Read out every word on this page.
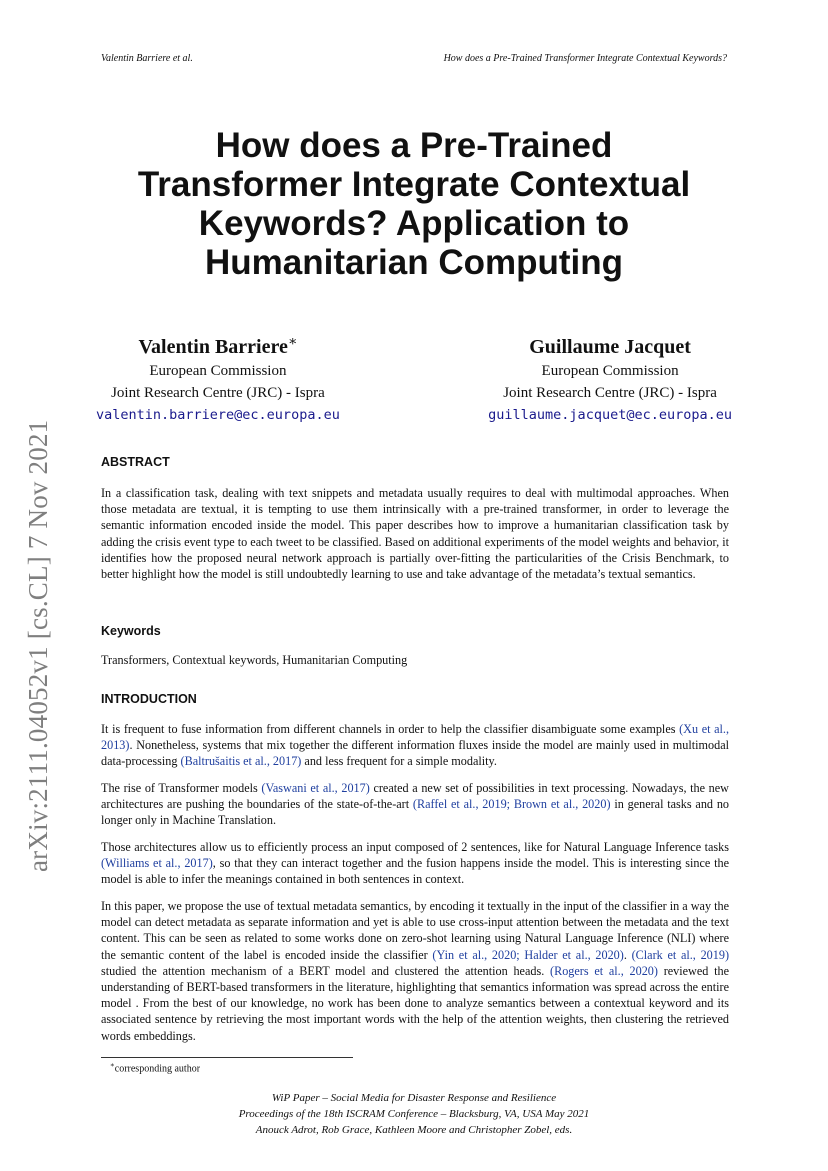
Valentin Barriere et al.	How does a Pre-Trained Transformer Integrate Contextual Keywords?
How does a Pre-Trained
Transformer Integrate Contextual
Keywords? Application to
Humanitarian Computing
Valentin Barriere∗
European Commission
Joint Research Centre (JRC) - Ispra
valentin.barriere@ec.europa.eu
Guillaume Jacquet
European Commission
Joint Research Centre (JRC) - Ispra
guillaume.jacquet@ec.europa.eu
arXiv:2111.04052v1 [cs.CL] 7 Nov 2021	ABSTRACT

In a classification task, dealing with text snippets and metadata usually requires to deal with multimodal approaches. When those metadata are textual, it is tempting to use them intrinsically with a pre-trained transformer, in order to leverage the semantic information encoded inside the model. This paper describes how to improve a humanitarian classification task by adding the crisis event type to each tweet to be classified. Based on additional experiments of the model weights and behavior, it identifies how the proposed neural network approach is partially over-fitting the particularities of the Crisis Benchmark, to better highlight how the model is still undoubtedly learning to use and take advantage of the metadata’s textual semantics.

Keywords

Transformers, Contextual keywords, Humanitarian Computing

INTRODUCTION

It is frequent to fuse information from different channels in order to help the classifier disambiguate some examples (Xu et al., 2013). Nonetheless, systems that mix together the different information fluxes inside the model are mainly used in multimodal data-processing (Baltrušaitis et al., 2017) and less frequent for a simple modality.

The rise of Transformer models (Vaswani et al., 2017) created a new set of possibilities in text processing. Nowadays, the new architectures are pushing the boundaries of the state-of-the-art (Raffel et al., 2019; Brown et al., 2020) in general tasks and no longer only in Machine Translation.

Those architectures allow us to efficiently process an input composed of 2 sentences, like for Natural Language Inference tasks (Williams et al., 2017), so that they can interact together and the fusion happens inside the model. This is interesting since the model is able to infer the meanings contained in both sentences in context.

In this paper, we propose the use of textual metadata semantics, by encoding it textually in the input of the classifier in a way the model can detect metadata as separate information and yet is able to use cross-input attention between the metadata and the text content. This can be seen as related to some works done on zero-shot learning using Natural Language Inference (NLI) where the semantic content of the label is encoded inside the classifier (Yin et al., 2020; Halder et al., 2020). (Clark et al., 2019) studied the attention mechanism of a BERT model and clustered the attention heads. (Rogers et al., 2020) reviewed the understanding of BERT-based transformers in the literature, highlighting that semantics information was spread across the entire model . From the best of our knowledge, no work has been done to analyze semantics between a contextual keyword and its associated sentence by retrieving the most important words with the help of the attention weights, then clustering the retrieved words embeddings.

∗corresponding author
WiP Paper – Social Media for Disaster Response and Resilience
Proceedings of the 18th ISCRAM Conference – Blacksburg, VA, USA May 2021
Anouck Adrot, Rob Grace, Kathleen Moore and Christopher Zobel, eds.
